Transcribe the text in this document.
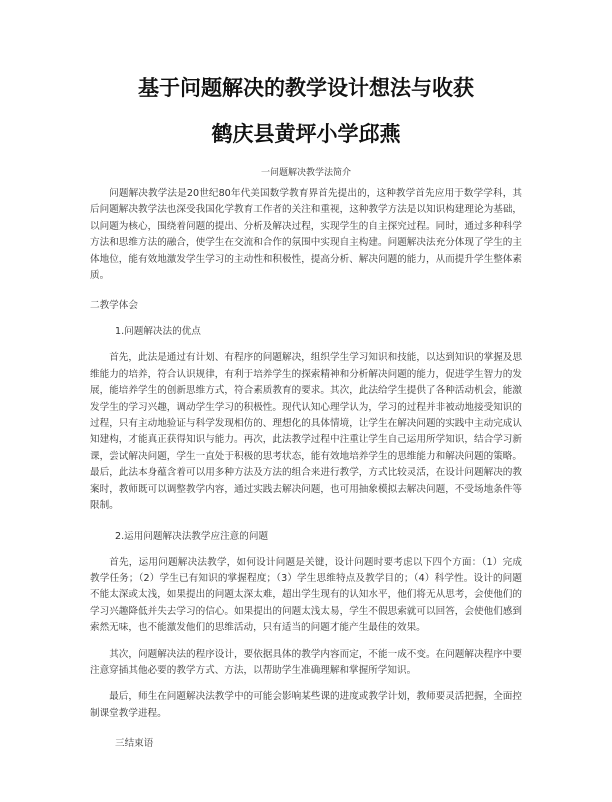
基于问题解决的教学设计想法与收获
鹤庆县黄坪小学邱燕
一问题解决教学法简介
问题解决教学法是20世纪80年代美国数学教育界首先提出的，这种教学首先应用于数学学科，其后问题解决教学法也深受我国化学教育工作者的关注和重视，这种教学方法是以知识构建理论为基础，以问题为核心，围绕着问题的提出、分析及解决过程，实现学生的自主探究过程。同时，通过多种科学方法和思维方法的融合，使学生在交流和合作的氛围中实现自主构建。问题解决法充分体现了学生的主体地位，能有效地激发学生学习的主动性和积极性，提高分析、解决问题的能力，从而提升学生整体素质。
二教学体会
1.问题解决法的优点
首先，此法是通过有计划、有程序的问题解决，组织学生学习知识和技能，以达到知识的掌握及思维能力的培养，符合认识规律，有利于培养学生的探索精神和分析解决问题的能力，促进学生智力的发展，能培养学生的创新思维方式，符合素质教育的要求。其次，此法给学生提供了各种活动机会，能激发学生的学习兴趣，调动学生学习的积极性。现代认知心理学认为，学习的过程并非被动地接受知识的过程，只有主动地验证与科学发现相仿的、理想化的具体情境，让学生在解决问题的实践中主动完成认知建构，才能真正获得知识与能力。再次，此法教学过程中注重让学生自己运用所学知识，结合学习新课，尝试解决问题，学生一直处于积极的思考状态，能有效地培养学生的思维能力和解决问题的策略。最后，此法本身蕴含着可以用多种方法及方法的组合来进行教学，方式比较灵活，在设计问题解决的教案时，教师既可以调整教学内容，通过实践去解决问题，也可用抽象模拟去解决问题，不受场地条件等限制。
2.运用问题解决法教学应注意的问题
首先，运用问题解决法教学，如何设计问题是关键，设计问题时要考虑以下四个方面：（1）完成教学任务；（2）学生已有知识的掌握程度；（3）学生思维特点及教学目的；（4）科学性。设计的问题不能太深或太浅，如果提出的问题太深太难，超出学生现有的认知水平，他们将无从思考，会使他们的学习兴趣降低并失去学习的信心。如果提出的问题太浅太易，学生不假思索就可以回答，会使他们感到索然无味，也不能激发他们的思维活动，只有适当的问题才能产生最佳的效果。
其次，问题解决法的程序设计，要依据具体的教学内容而定，不能一成不变。在问题解决程序中要注意穿插其他必要的教学方式、方法，以帮助学生准确理解和掌握所学知识。
最后，师生在问题解决法教学中的可能会影响某些课的进度或教学计划，教师要灵活把握，全面控制课堂教学进程。
三结束语
